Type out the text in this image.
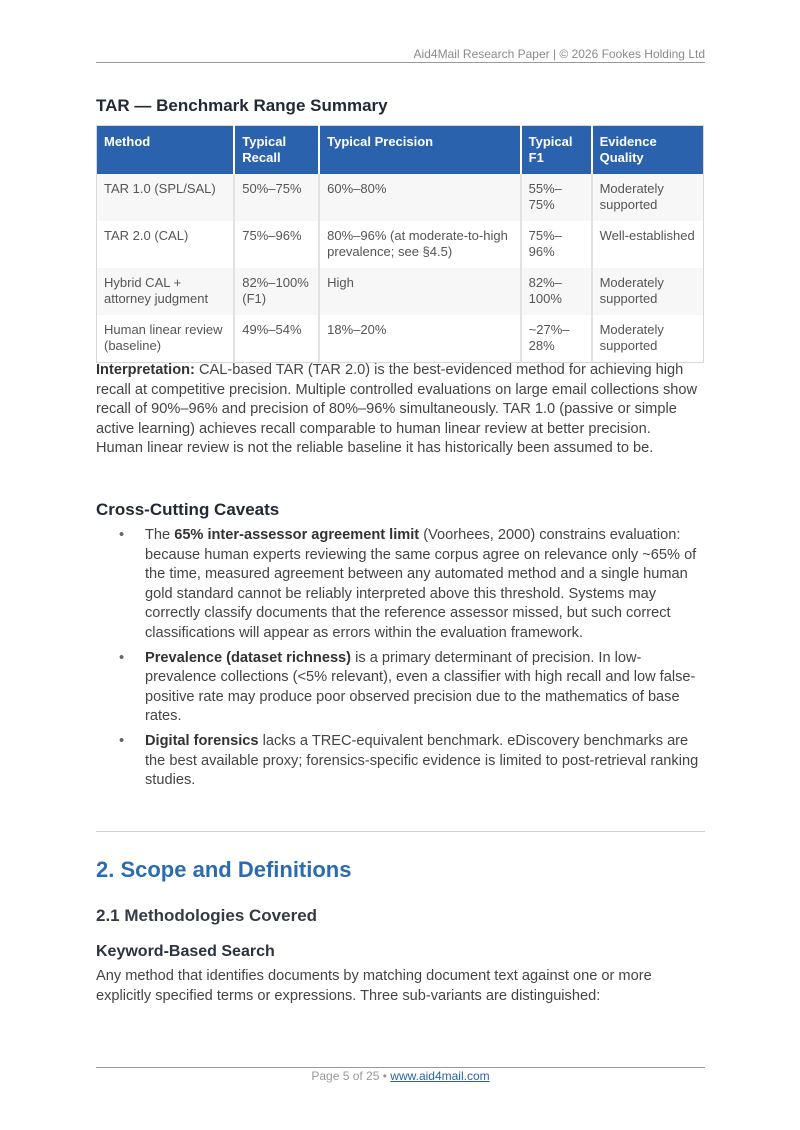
Aid4Mail Research Paper | © 2026 Fookes Holding Ltd
TAR — Benchmark Range Summary
Method	Typical Recall	Typical Precision	Typical F1	Evidence Quality
TAR 1.0 (SPL/SAL)	50%–75%	60%–80%	55%–75%	Moderately supported
TAR 2.0 (CAL)	75%–96%	80%–96% (at moderate-to-high prevalence; see §4.5)	75%–96%	Well-established
Hybrid CAL + attorney judgment	82%–100% (F1)	High	82%–100%	Moderately supported
Human linear review (baseline)	49%–54%	18%–20%	~27%–28%	Moderately supported

Interpretation: CAL-based TAR (TAR 2.0) is the best-evidenced method for achieving high recall at competitive precision. Multiple controlled evaluations on large email collections show recall of 90%–96% and precision of 80%–96% simultaneously. TAR 1.0 (passive or simple active learning) achieves recall comparable to human linear review at better precision. Human linear review is not the reliable baseline it has historically been assumed to be.

Cross-Cutting Caveats
• The 65% inter-assessor agreement limit (Voorhees, 2000) constrains evaluation: because human experts reviewing the same corpus agree on relevance only ~65% of the time, measured agreement between any automated method and a single human gold standard cannot be reliably interpreted above this threshold. Systems may correctly classify documents that the reference assessor missed, but such correct classifications will appear as errors within the evaluation framework.
• Prevalence (dataset richness) is a primary determinant of precision. In low-prevalence collections (<5% relevant), even a classifier with high recall and low false-positive rate may produce poor observed precision due to the mathematics of base rates.
• Digital forensics lacks a TREC-equivalent benchmark. eDiscovery benchmarks are the best available proxy; forensics-specific evidence is limited to post-retrieval ranking studies.
2. Scope and Definitions
2.1 Methodologies Covered
Keyword-Based Search

Any method that identifies documents by matching document text against one or more explicitly specified terms or expressions. Three sub-variants are distinguished:

Page 5 of 25 • www.aid4mail.com
